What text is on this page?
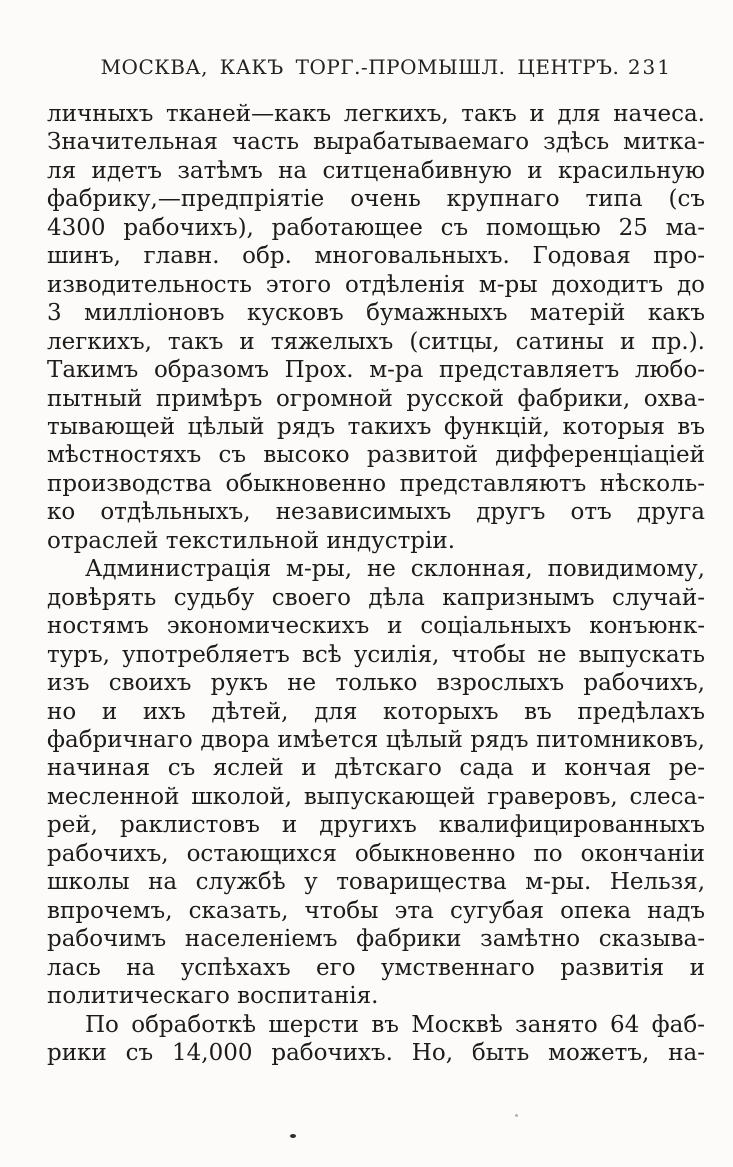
МОСКВА, КАКЪ ТОРГ.-ПРОМЫШЛ. ЦЕНТРЪ. 231
личныхъ тканей—какъ легкихъ, такъ и для начеса.
Значительная часть вырабатываемаго здѣсь митка-
ля идетъ затѣмъ на ситценабивную и красильную
фабрику,—предпріятіе очень крупнаго типа (съ
4300 рабочихъ), работающее съ помощью 25 ма-
шинъ, главн. обр. многовальныхъ. Годовая про-
изводительность этого отдѣленія м-ры доходитъ до
3 милліоновъ кусковъ бумажныхъ матерій какъ
легкихъ, такъ и тяжелыхъ (ситцы, сатины и пр.).
Такимъ образомъ Прох. м-ра представляетъ любо-
пытный примѣръ огромной русской фабрики, охва-
тывающей цѣлый рядъ такихъ функцій, которыя въ
мѣстностяхъ съ высоко развитой дифференціаціей
производства обыкновенно представляютъ нѣсколь-
ко отдѣльныхъ, независимыхъ другъ отъ друга
отраслей текстильной индустріи.
Администрація м-ры, не склонная, повидимому,
довѣрять судьбу своего дѣла капризнымъ случай-
ностямъ экономическихъ и соціальныхъ конъюнк-
туръ, употребляетъ всѣ усилія, чтобы не выпускать
изъ своихъ рукъ не только взрослыхъ рабочихъ,
но и ихъ дѣтей, для которыхъ въ предѣлахъ
фабричнаго двора имѣется цѣлый рядъ питомниковъ,
начиная съ яслей и дѣтскаго сада и кончая ре-
месленной школой, выпускающей граверовъ, слеса-
рей, раклистовъ и другихъ квалифицированныхъ
рабочихъ, остающихся обыкновенно по окончаніи
школы на службѣ у товарищества м-ры. Нельзя,
впрочемъ, сказать, чтобы эта сугубая опека надъ
рабочимъ населеніемъ фабрики замѣтно сказыва-
лась на успѣхахъ его умственнаго развитія и
политическаго воспитанія.
По обработкѣ шерсти въ Москвѣ занято 64 фаб-
рики съ 14,000 рабочихъ. Но, быть можетъ, на-
